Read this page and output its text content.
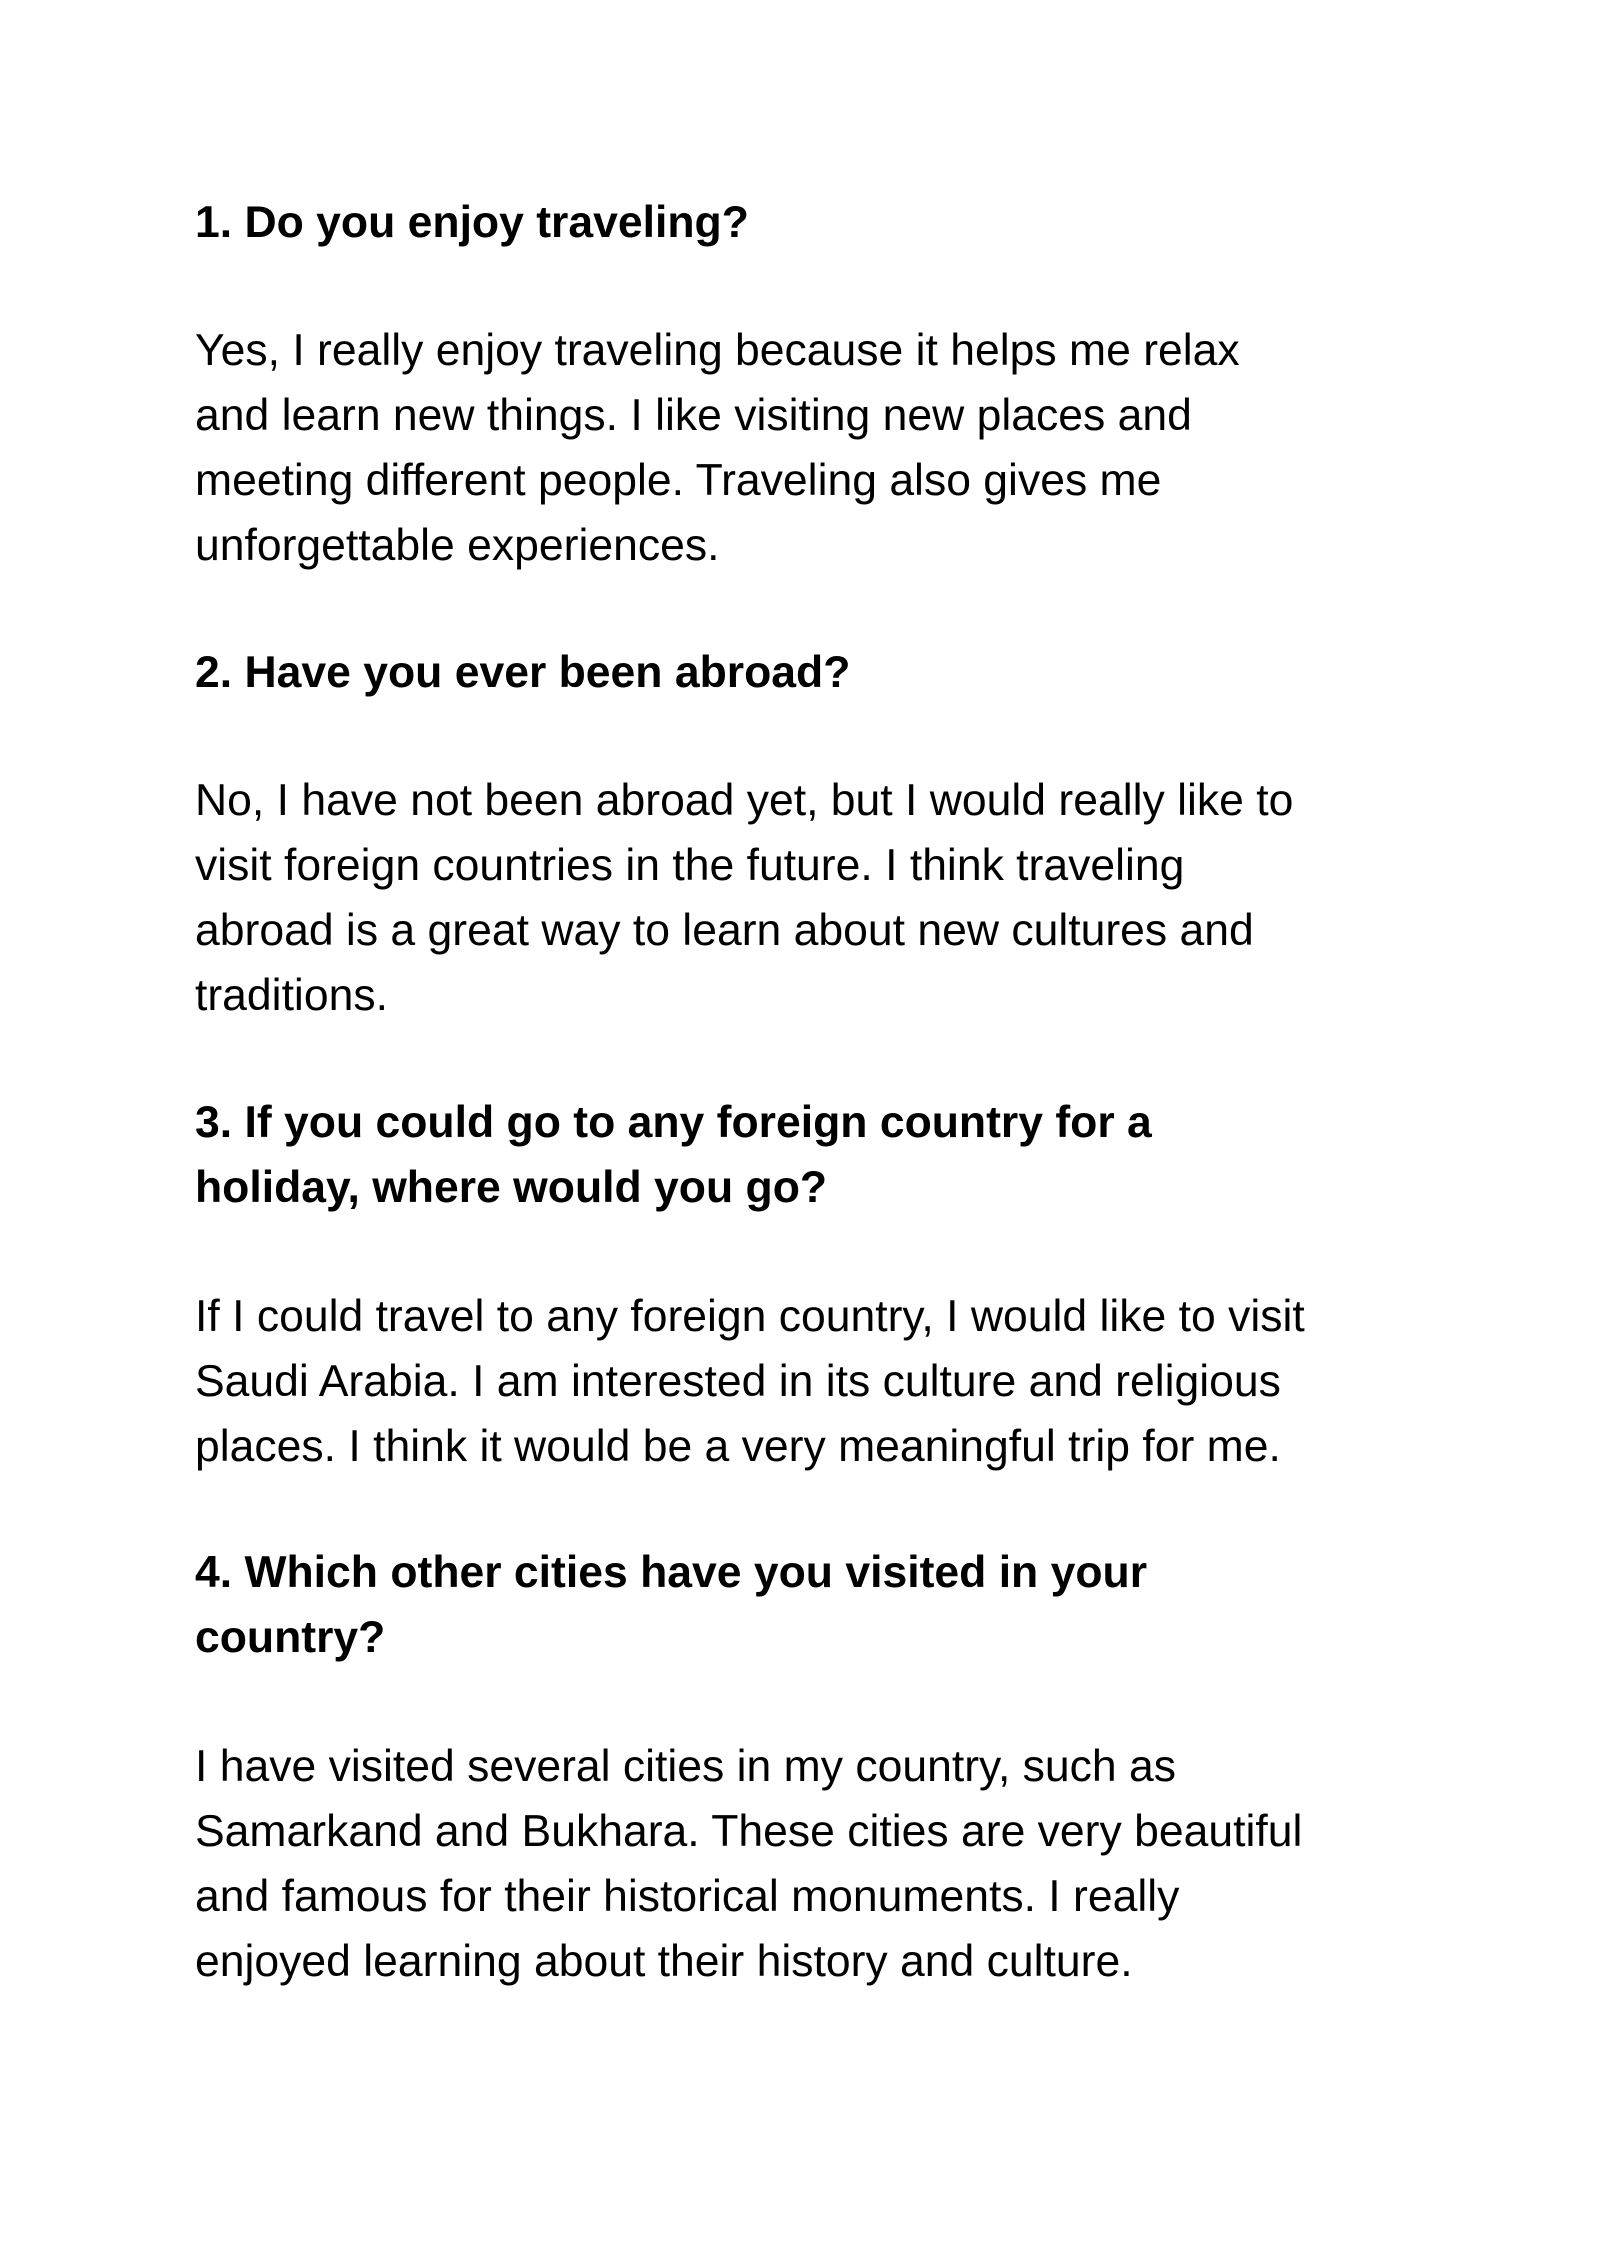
1. Do you enjoy traveling?

Yes, I really enjoy traveling because it helps me relax
and learn new things. I like visiting new places and
meeting different people. Traveling also gives me
unforgettable experiences.

2. Have you ever been abroad?

No, I have not been abroad yet, but I would really like to
visit foreign countries in the future. I think traveling
abroad is a great way to learn about new cultures and
traditions.

3. If you could go to any foreign country for a
holiday, where would you go?

If I could travel to any foreign country, I would like to visit
Saudi Arabia. I am interested in its culture and religious
places. I think it would be a very meaningful trip for me.

4. Which other cities have you visited in your
country?

I have visited several cities in my country, such as
Samarkand and Bukhara. These cities are very beautiful
and famous for their historical monuments. I really
enjoyed learning about their history and culture.
